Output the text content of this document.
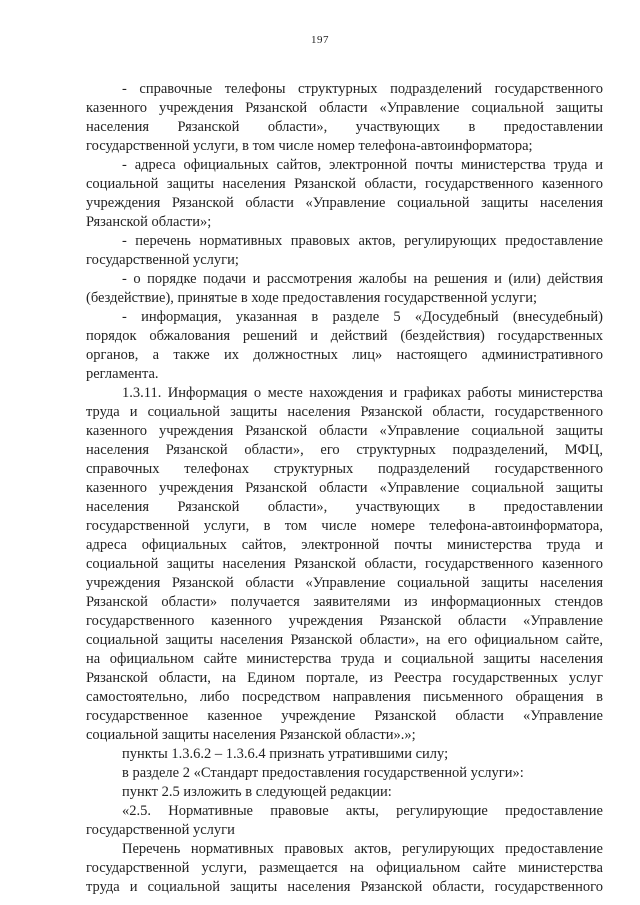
197
- справочные телефоны структурных подразделений государственного
казенного учреждения Рязанской области «Управление социальной защиты
населения Рязанской области», участвующих в предоставлении
государственной услуги, в том числе номер телефона-автоинформатора;
- адреса официальных сайтов, электронной почты министерства труда и
социальной защиты населения Рязанской области, государственного казенного
учреждения Рязанской области «Управление социальной защиты населения
Рязанской области»;
- перечень нормативных правовых актов, регулирующих предоставление
государственной услуги;
- о порядке подачи и рассмотрения жалобы на решения и (или) действия
(бездействие), принятые в ходе предоставления государственной услуги;
- информация, указанная в разделе 5 «Досудебный (внесудебный)
порядок обжалования решений и действий (бездействия) государственных
органов, а также их должностных лиц» настоящего административного
регламента.
1.3.11. Информация о месте нахождения и графиках работы министерства
труда и социальной защиты населения Рязанской области, государственного
казенного учреждения Рязанской области «Управление социальной защиты
населения Рязанской области», его структурных подразделений, МФЦ,
справочных телефонах структурных подразделений государственного
казенного учреждения Рязанской области «Управление социальной защиты
населения Рязанской области», участвующих в предоставлении
государственной услуги, в том числе номере телефона-автоинформатора,
адреса официальных сайтов, электронной почты министерства труда и
социальной защиты населения Рязанской области, государственного казенного
учреждения Рязанской области «Управление социальной защиты населения
Рязанской области» получается заявителями из информационных стендов
государственного казенного учреждения Рязанской области «Управление
социальной защиты населения Рязанской области», на его официальном сайте,
на официальном сайте министерства труда и социальной защиты населения
Рязанской области, на Едином портале, из Реестра государственных услуг
самостоятельно, либо посредством направления письменного обращения в
государственное казенное учреждение Рязанской области «Управление
социальной защиты населения Рязанской области».»;
пункты 1.3.6.2 – 1.3.6.4 признать утратившими силу;
в разделе 2 «Стандарт предоставления государственной услуги»:
пункт 2.5 изложить в следующей редакции:
«2.5. Нормативные правовые акты, регулирующие предоставление
государственной услуги
Перечень нормативных правовых актов, регулирующих предоставление
государственной услуги, размещается на официальном сайте министерства
труда и социальной защиты населения Рязанской области, государственного
